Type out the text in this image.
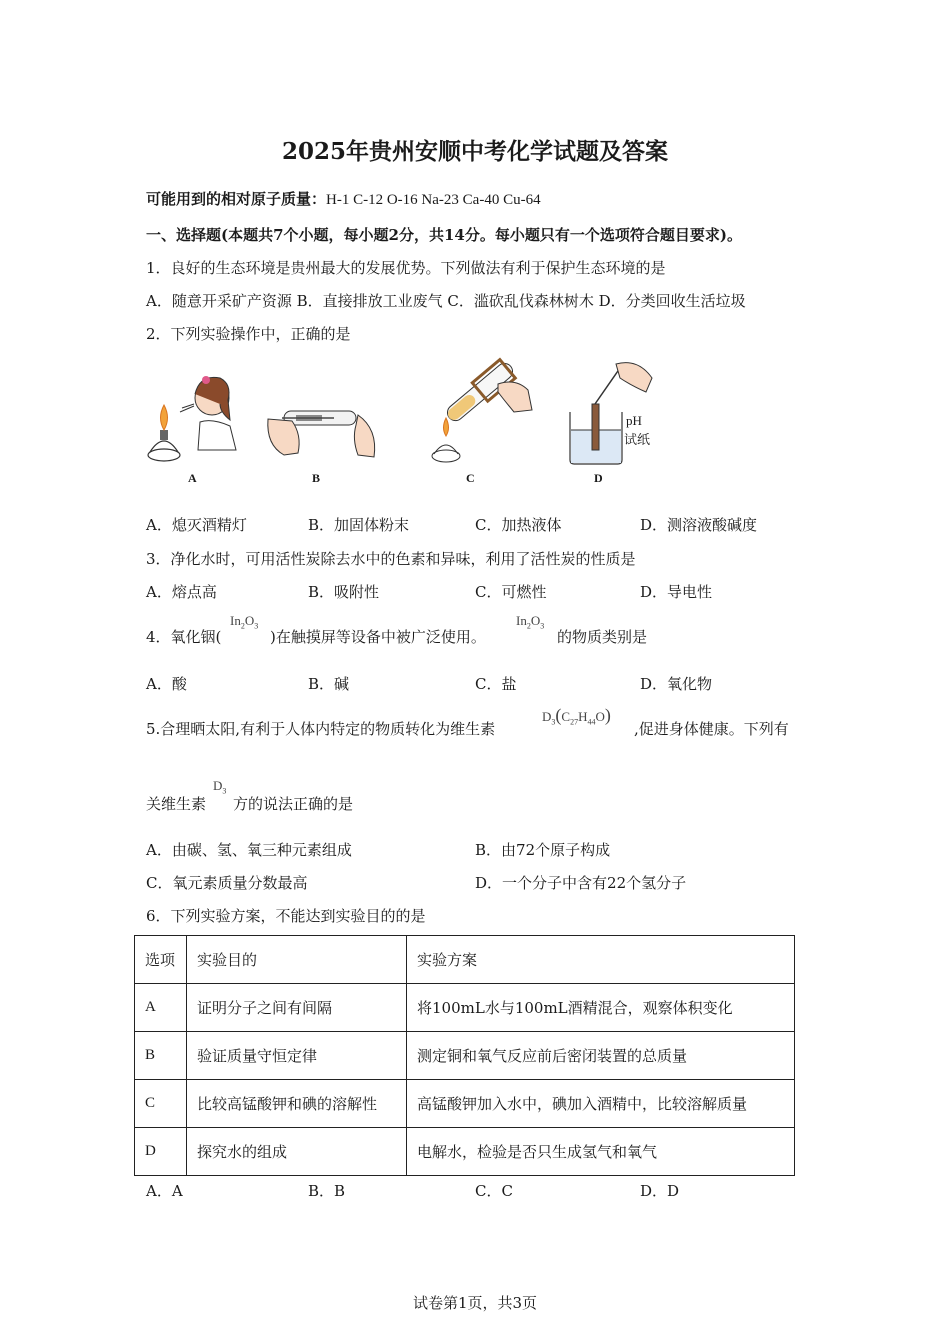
2025年贵州安顺中考化学试题及答案
可能用到的相对原子质量：H-1 C-12 O-16 Na-23 Ca-40 Cu-64
一、选择题(本题共7个小题，每小题2分，共14分。每小题只有一个选项符合题目要求)。
1．良好的生态环境是贵州最大的发展优势。下列做法有利于保护生态环境的是
A．随意开采矿产资源 B．直接排放工业废气 C．滥砍乱伐森林树木 D．分类回收生活垃圾
2．下列实验操作中，正确的是
A	B	C
pH
试纸
D
A．熄灭酒精灯	B．加固体粉末	C．加热液体	D．测溶液酸碱度
3．净化水时，可用活性炭除去水中的色素和异味，利用了活性炭的性质是
A．熔点高	B．吸附性	C．可燃性	D．导电性
4．氧化铟(
$In_2O_3$
)在触摸屏等设备中被广泛使用。
$In_2O_3$
的物质类别是
A．酸	B．碱	C．盐	D．氧化物
5.合理晒太阳,有利于人体内特定的物质转化为维生素
$D_3(C_{27}H_{44}O)$
,促进身体健康。下列有
关维生素
$D_3$
方的说法正确的是
A．由碳、氢、氧三种元素组成	B．由72个原子构成
C．氧元素质量分数最高	D．一个分子中含有22个氢分子
6．下列实验方案，不能达到实验目的的是
选项	实验目的	实验方案
A	证明分子之间有间隔	将100mL水与100mL酒精混合，观察体积变化
B	验证质量守恒定律	测定铜和氧气反应前后密闭装置的总质量
C	比较高锰酸钾和碘的溶解性	高锰酸钾加入水中，碘加入酒精中，比较溶解质量
D	探究水的组成	电解水，检验是否只生成氢气和氧气
A．A	B．B	C．C	D．D
试卷第1页，共3页
